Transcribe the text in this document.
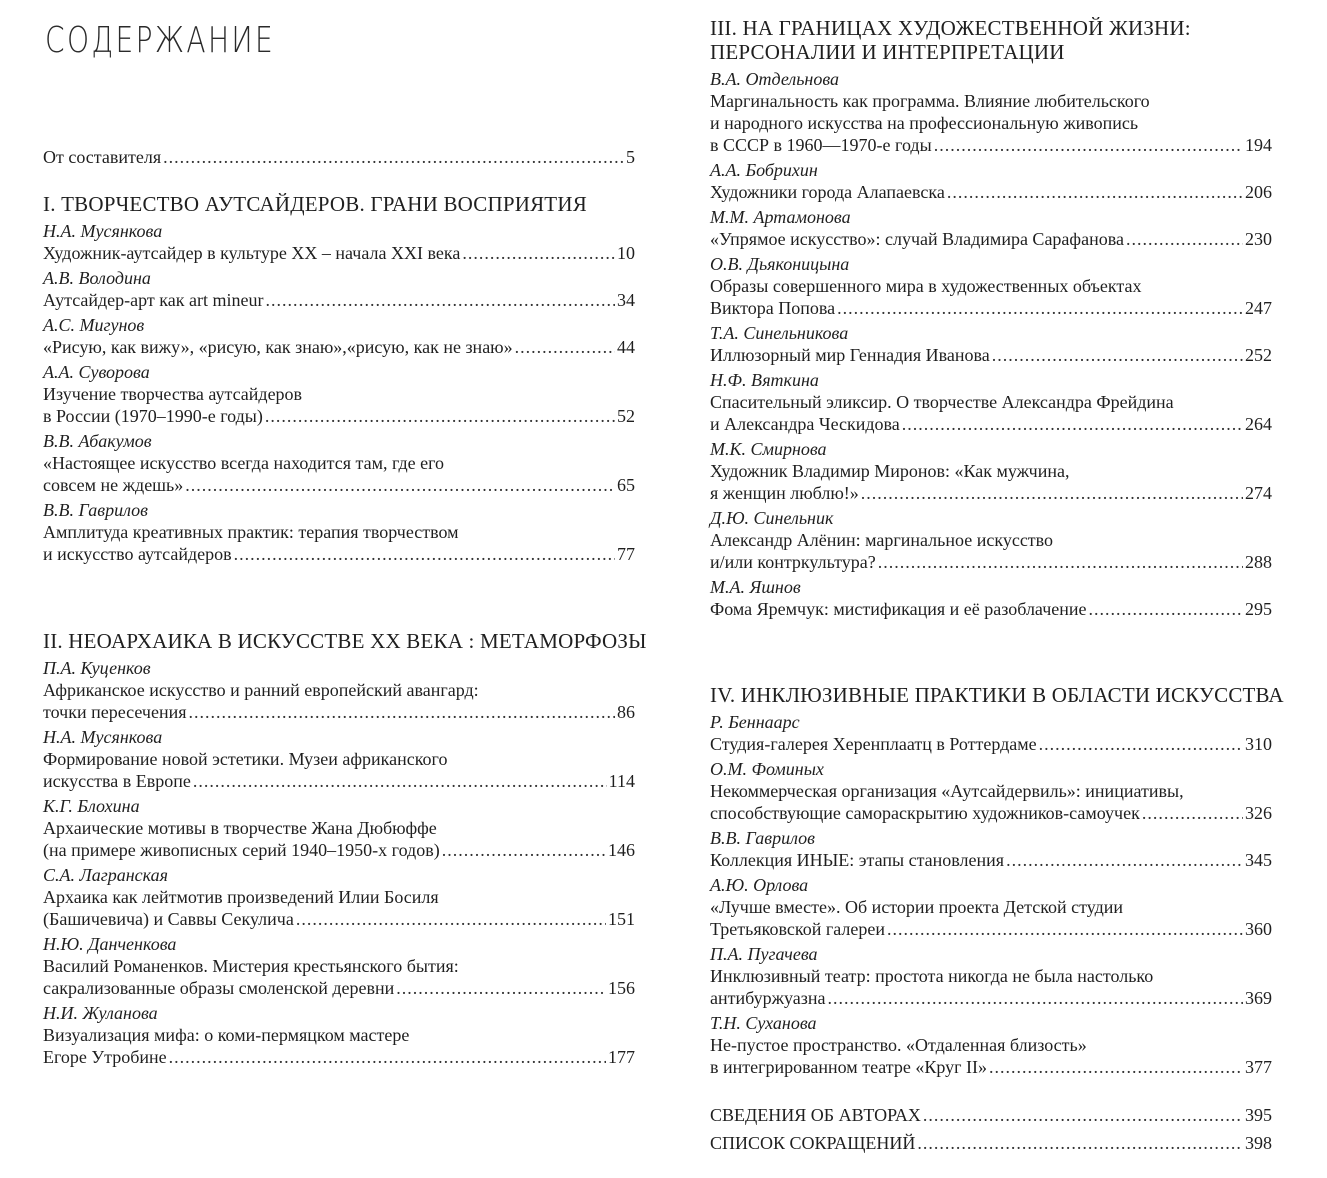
СОДЕРЖАНИЕ
От составителя .....	5
I. ТВОРЧЕСТВО АУТСАЙДЕРОВ. ГРАНИ ВОСПРИЯТИЯ
Н.А. Мусянкова
Художник-аутсайдер в культуре XX – начала XXI века .....	10
А.В. Володина
Аутсайдер-арт как art mineur .....	34
А.С. Мигунов
«Рисую, как вижу», «рисую, как знаю»,«рисую, как не знаю» .....	44
А.А. Суворова
Изучение творчества аутсайдеров
в России (1970–1990-е годы) .....	52
В.В. Абакумов
«Настоящее искусство всегда находится там, где его
совсем не ждешь» .....	65
В.В. Гаврилов
Амплитуда креативных практик: терапия творчеством
и искусство аутсайдеров .....	77
II. НЕОАРХАИКА В ИСКУССТВЕ XX ВЕКА : МЕТАМОРФОЗЫ
П.А. Куценков
Африканское искусство и ранний европейский авангард:
точки пересечения .....	86
Н.А. Мусянкова
Формирование новой эстетики. Музеи африканского
искусства в Европе .....	114
К.Г. Блохина
Архаические мотивы в творчестве Жана Дюбюффе
(на примере живописных серий 1940–1950-х годов) .....	146
С.А. Лагранская
Архаика как лейтмотив произведений Илии Босиля
(Башичевича) и Саввы Секулича .....	151
Н.Ю. Данченкова
Василий Романенков. Мистерия крестьянского бытия:
сакрализованные образы смоленской деревни .....	156
Н.И. Жуланова
Визуализация мифа: о коми-пермяцком мастере
Егоре Утробине .....	177
III. НА ГРАНИЦАХ ХУДОЖЕСТВЕННОЙ ЖИЗНИ:
ПЕРСОНАЛИИ И ИНТЕРПРЕТАЦИИ
В.А. Отдельнова
Маргинальность как программа. Влияние любительского
и народного искусства на профессиональную живопись
в СССР в 1960—1970-е годы .....	194
А.А. Бобрихин
Художники города Алапаевска .....	206
М.М. Артамонова
«Упрямое искусство»: случай Владимира Сарафанова .....	230
О.В. Дьяконицына
Образы совершенного мира в художественных объектах
Виктора Попова .....	247
Т.А. Синельникова
Иллюзорный мир Геннадия Иванова .....	252
Н.Ф. Вяткина
Спасительный эликсир. О творчестве Александра Фрейдина
и Александра Ческидова .....	264
М.К. Смирнова
Художник Владимир Миронов: «Как мужчина,
я женщин люблю!» .....	274
Д.Ю. Синельник
Александр Алёнин: маргинальное искусство
и/или контркультура? .....	288
М.А. Яшнов
Фома Яремчук: мистификация и её разоблачение .....	295
IV. ИНКЛЮЗИВНЫЕ ПРАКТИКИ В ОБЛАСТИ ИСКУССТВА
Р. Беннаарс
Студия-галерея Херенплаатц в Роттердаме .....	310
О.М. Фоминых
Некоммерческая организация «Аутсайдервиль»: инициативы,
способствующие самораскрытию художников-самоучек .....	326
В.В. Гаврилов
Коллекция ИНЫЕ: этапы становления .....	345
А.Ю. Орлова
«Лучше вместе». Об истории проекта Детской студии
Третьяковской галереи .....	360
П.А. Пугачева
Инклюзивный театр: простота никогда не была настолько
антибуржуазна .....	369
Т.Н. Суханова
Не-пустое пространство. «Отдаленная близость»
в интегрированном театре «Круг II» .....	377
СВЕДЕНИЯ ОБ АВТОРАХ .....	395
СПИСОК СОКРАЩЕНИЙ .....	398
